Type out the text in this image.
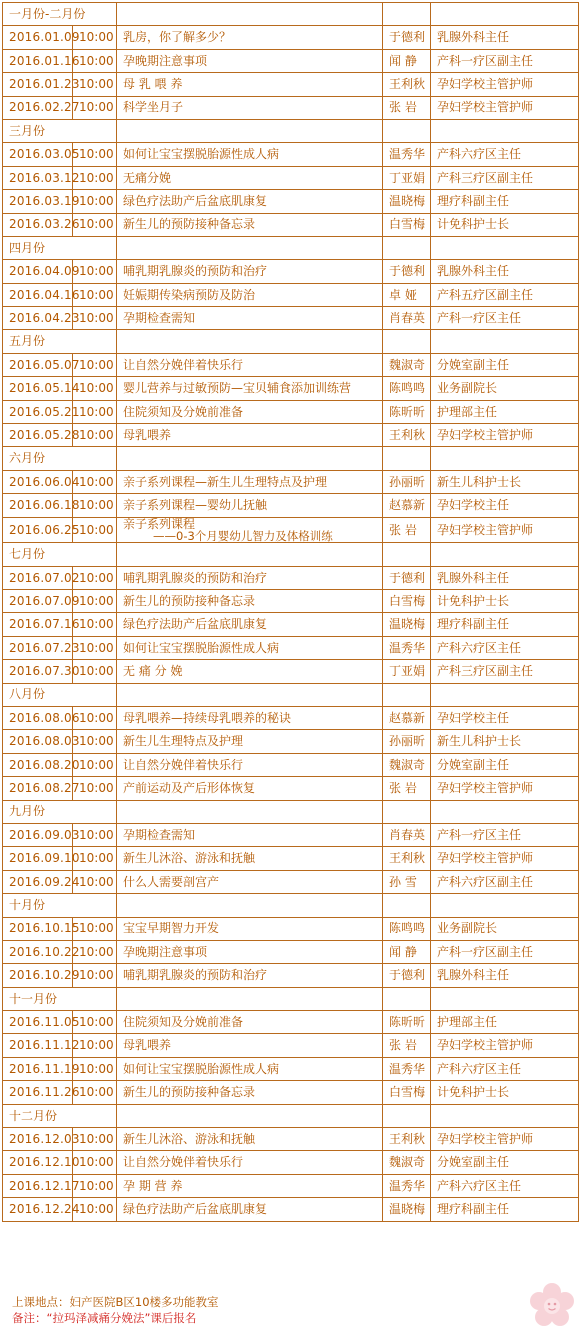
一月份-二月份				
2016.01.09	10:00	乳房，你了解多少？	于德利	乳腺外科主任
2016.01.16	10:00	孕晚期注意事项	闻 静	产科一疗区副主任
2016.01.23	10:00	母 乳 喂 养	王利秋	孕妇学校主管护师
2016.02.27	10:00	科学坐月子	张 岩	孕妇学校主管护师
三月份				
2016.03.05	10:00	如何让宝宝摆脱胎源性成人病	温秀华	产科六疗区主任
2016.03.12	10:00	无痛分娩	丁亚娟	产科三疗区副主任
2016.03.19	10:00	绿色疗法助产后盆底肌康复	温晓梅	理疗科副主任
2016.03.26	10:00	新生儿的预防接种备忘录	白雪梅	计免科护士长
四月份				
2016.04.09	10:00	哺乳期乳腺炎的预防和治疗	于德利	乳腺外科主任
2016.04.16	10:00	妊娠期传染病预防及防治	卓 娅	产科五疗区副主任
2016.04.23	10:00	孕期检查需知	肖春英	产科一疗区主任
五月份				
2016.05.07	10:00	让自然分娩伴着快乐行	魏淑奇	分娩室副主任
2016.05.14	10:00	婴儿营养与过敏预防—宝贝辅食添加训练营	陈鸣鸣	业务副院长
2016.05.21	10:00	住院须知及分娩前准备	陈昕昕	护理部主任
2016.05.28	10:00	母乳喂养	王利秋	孕妇学校主管护师
六月份				
2016.06.04	10:00	亲子系列课程—新生儿生理特点及护理	孙丽昕	新生儿科护士长
2016.06.18	10:00	亲子系列课程—婴幼儿抚触	赵慕新	孕妇学校主任
2016.06.25	10:00	亲子系列课程
——0-3个月婴幼儿智力及体格训练	张 岩	孕妇学校主管护师
七月份				
2016.07.02	10:00	哺乳期乳腺炎的预防和治疗	于德利	乳腺外科主任
2016.07.09	10:00	新生儿的预防接种备忘录	白雪梅	计免科护士长
2016.07.16	10:00	绿色疗法助产后盆底肌康复	温晓梅	理疗科副主任
2016.07.23	10:00	如何让宝宝摆脱胎源性成人病	温秀华	产科六疗区主任
2016.07.30	10:00	无 痛 分 娩	丁亚娟	产科三疗区副主任
八月份				
2016.08.06	10:00	母乳喂养—持续母乳喂养的秘诀	赵慕新	孕妇学校主任
2016.08.03	10:00	新生儿生理特点及护理	孙丽昕	新生儿科护士长
2016.08.20	10:00	让自然分娩伴着快乐行	魏淑奇	分娩室副主任
2016.08.27	10:00	产前运动及产后形体恢复	张 岩	孕妇学校主管护师
九月份				
2016.09.03	10:00	孕期检查需知	肖春英	产科一疗区主任
2016.09.10	10:00	新生儿沐浴、游泳和抚触	王利秋	孕妇学校主管护师
2016.09.24	10:00	什么人需要剖宫产	孙 雪	产科六疗区副主任
十月份				
2016.10.15	10:00	宝宝早期智力开发	陈鸣鸣	业务副院长
2016.10.22	10:00	孕晚期注意事项	闻 静	产科一疗区副主任
2016.10.29	10:00	哺乳期乳腺炎的预防和治疗	于德利	乳腺外科主任
十一月份				
2016.11.05	10:00	住院须知及分娩前准备	陈昕昕	护理部主任
2016.11.12	10:00	母乳喂养	张 岩	孕妇学校主管护师
2016.11.19	10:00	如何让宝宝摆脱胎源性成人病	温秀华	产科六疗区主任
2016.11.26	10:00	新生儿的预防接种备忘录	白雪梅	计免科护士长
十二月份				
2016.12.03	10:00	新生儿沐浴、游泳和抚触	王利秋	孕妇学校主管护师
2016.12.10	10:00	让自然分娩伴着快乐行	魏淑奇	分娩室副主任
2016.12.17	10:00	孕 期 营 养	温秀华	产科六疗区主任
2016.12.24	10:00	绿色疗法助产后盆底肌康复	温晓梅	理疗科副主任
上课地点：妇产医院B区10楼多功能教室
备注：“拉玛泽减痛分娩法”课后报名
